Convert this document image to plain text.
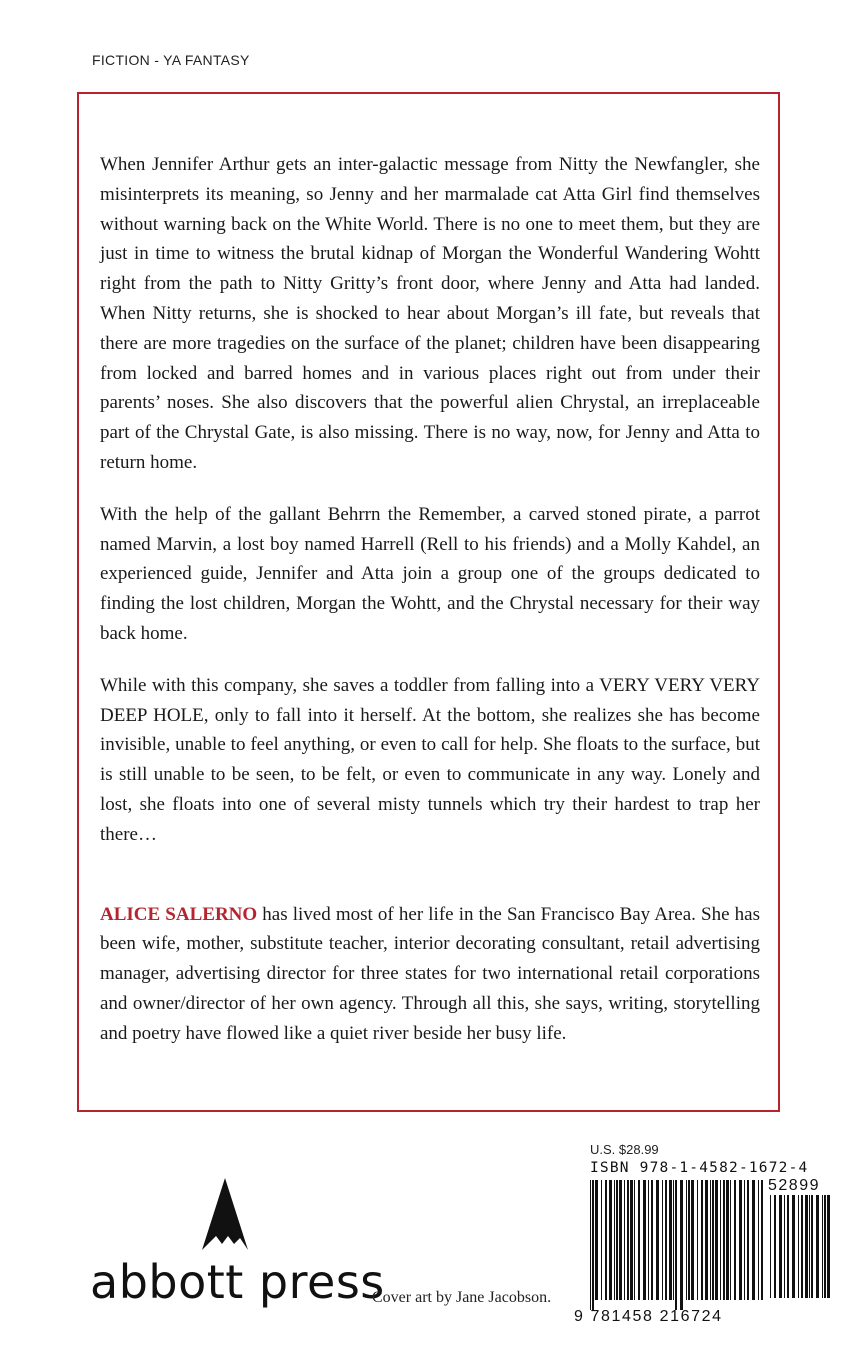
FICTION - YA FANTASY

When Jennifer Arthur gets an inter-galactic message from Nitty the Newfangler, she misinterprets its meaning, so Jenny and her marmalade cat Atta Girl find themselves without warning back on the White World. There is no one to meet them, but they are just in time to witness the brutal kidnap of Morgan the Wonderful Wandering Wohtt right from the path to Nitty Gritty’s front door, where Jenny and Atta had landed. When Nitty returns, she is shocked to hear about Morgan’s ill fate, but reveals that there are more tragedies on the surface of the planet; children have been disappearing from locked and barred homes and in various places right out from under their parents’ noses. She also discovers that the powerful alien Chrystal, an irreplaceable part of the Chrystal Gate, is also missing. There is no way, now, for Jenny and Atta to return home.

With the help of the gallant Behrrn the Remember, a carved stoned pirate, a parrot named Marvin, a lost boy named Harrell (Rell to his friends) and a Molly Kahdel, an experienced guide, Jennifer and Atta join a group one of the groups dedicated to finding the lost children, Morgan the Wohtt, and the Chrystal necessary for their way back home.

While with this company, she saves a toddler from falling into a VERY VERY VERY DEEP HOLE, only to fall into it herself. At the bottom, she realizes she has become invisible, unable to feel anything, or even to call for help. She floats to the surface, but is still unable to be seen, to be felt, or even to communicate in any way. Lonely and lost, she floats into one of several misty tunnels which try their hardest to trap her there…

ALICE SALERNO has lived most of her life in the San Francisco Bay Area. She has been wife, mother, substitute teacher, interior decorating consultant, retail advertising manager, advertising director for three states for two international retail corporations and owner/director of her own agency. Through all this, she says, writing, storytelling and poetry have flowed like a quiet river beside her busy life.

abbott press
Cover art by Jane Jacobson.
U.S. $28.99
ISBN 978-1-4582-1672-4
52899
9 781458 216724
